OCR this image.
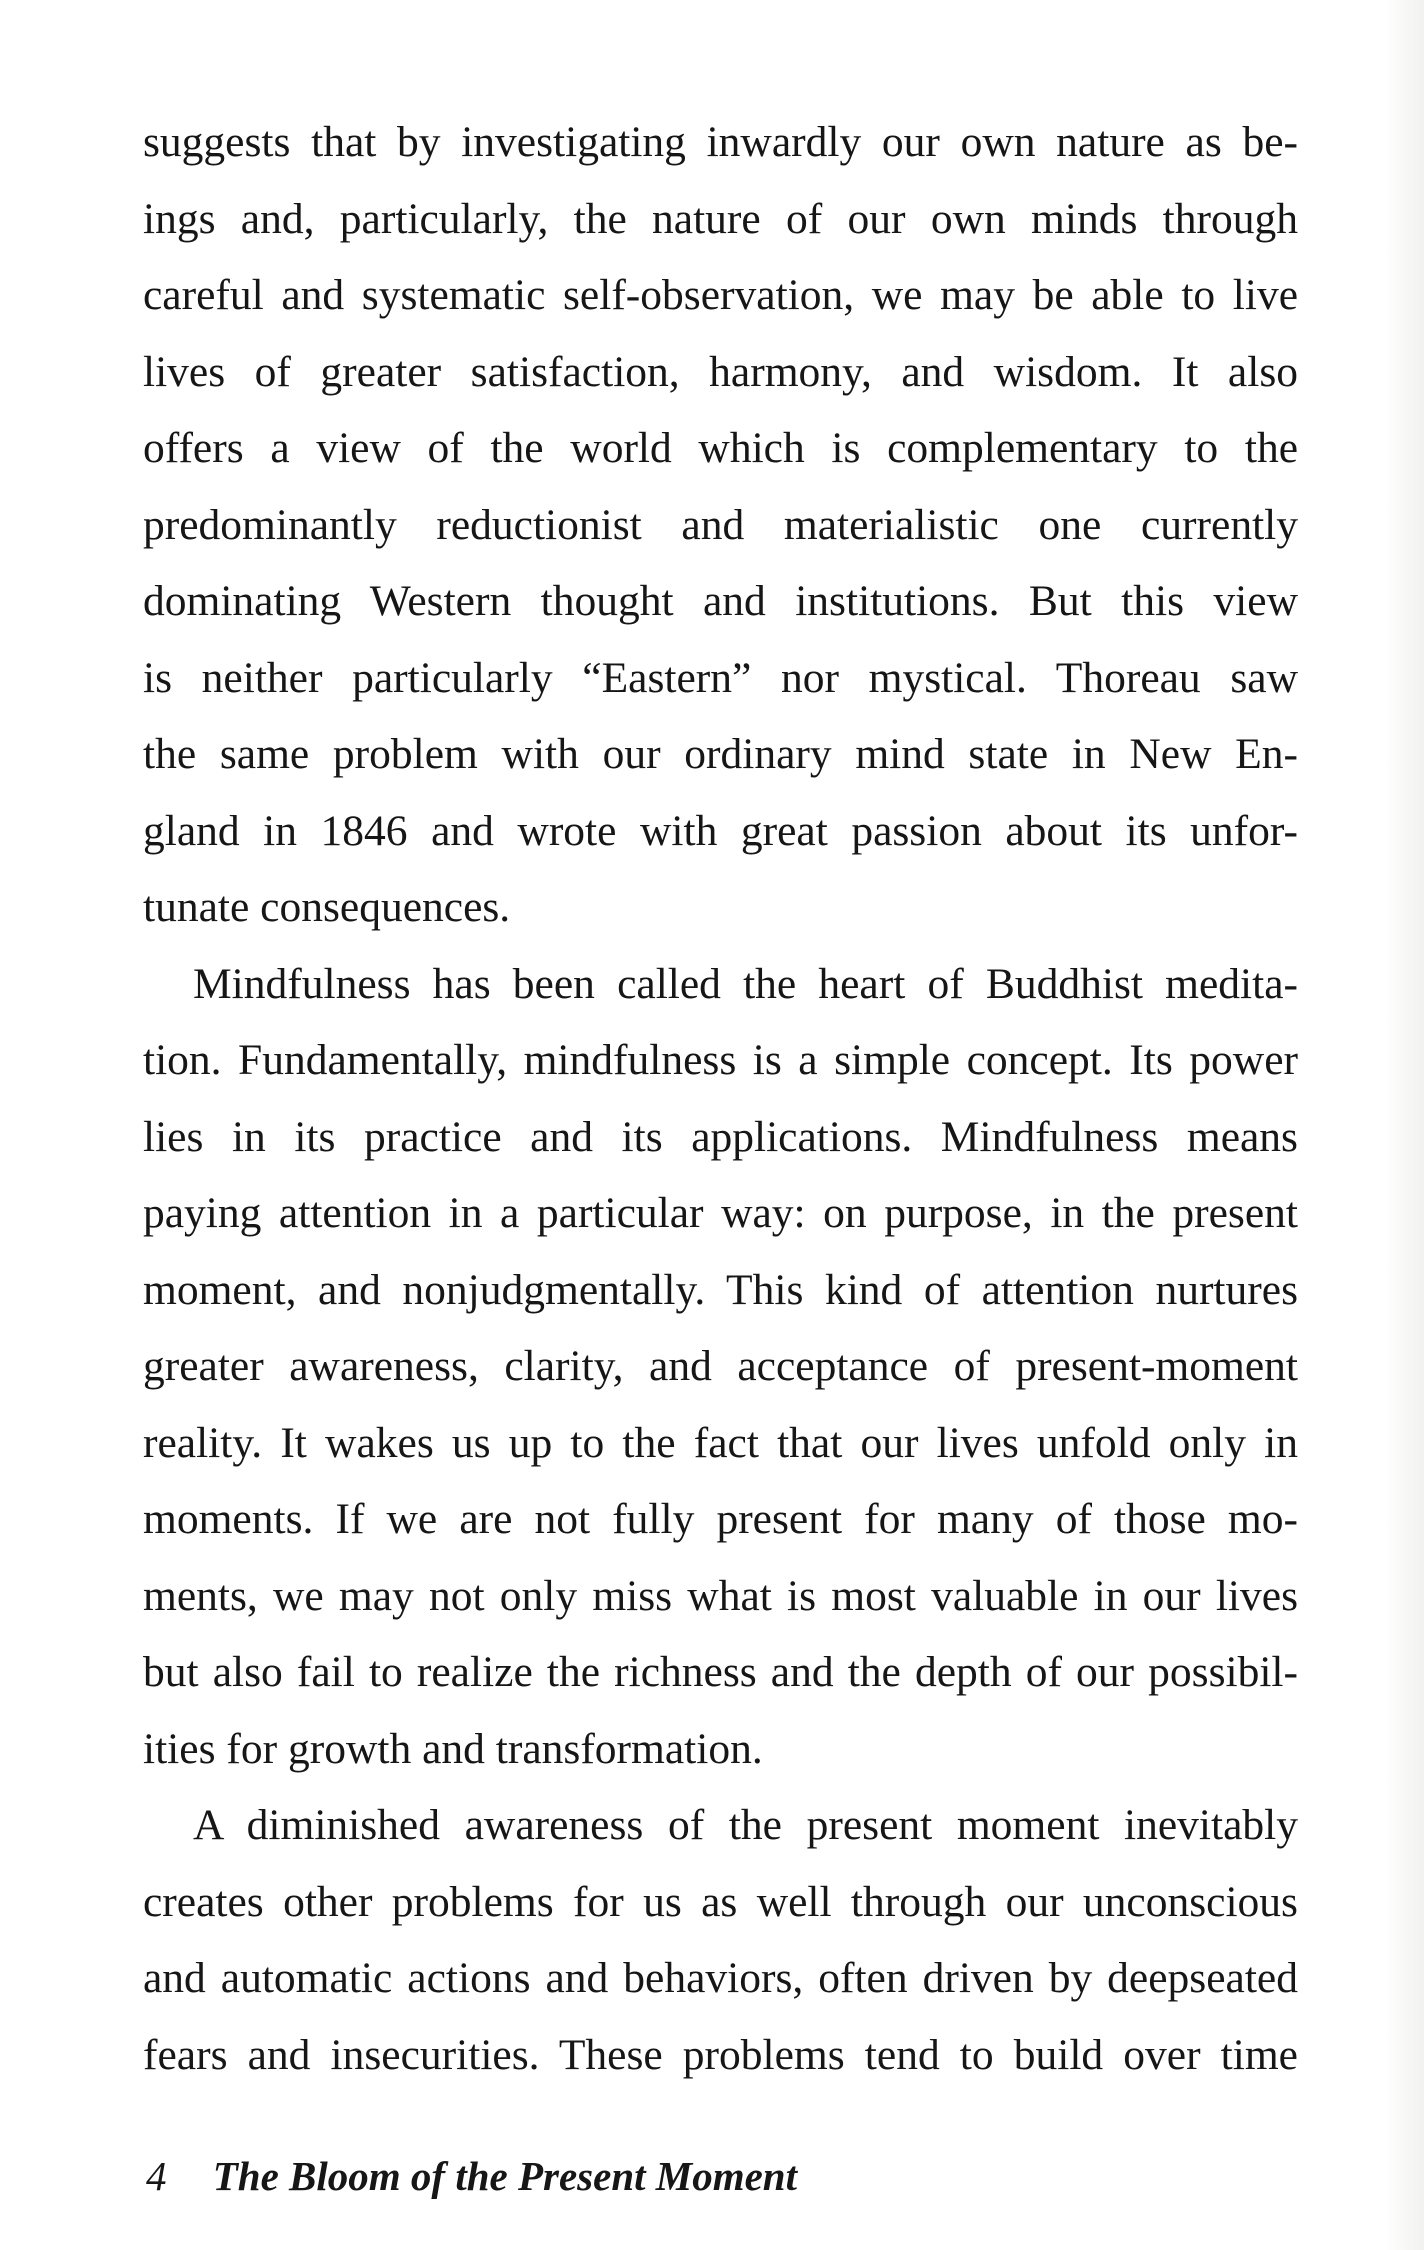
suggests that by investigating inwardly our own nature as be-
ings and, particularly, the nature of our own minds through
careful and systematic self-observation, we may be able to live
lives of greater satisfaction, harmony, and wisdom. It also
offers a view of the world which is complementary to the
predominantly reductionist and materialistic one currently
dominating Western thought and institutions. But this view
is neither particularly “Eastern” nor mystical. Thoreau saw
the same problem with our ordinary mind state in New En-
gland in 1846 and wrote with great passion about its unfor-
tunate consequences.
Mindfulness has been called the heart of Buddhist medita-
tion. Fundamentally, mindfulness is a simple concept. Its power
lies in its practice and its applications. Mindfulness means
paying attention in a particular way: on purpose, in the present
moment, and nonjudgmentally. This kind of attention nurtures
greater awareness, clarity, and acceptance of present-moment
reality. It wakes us up to the fact that our lives unfold only in
moments. If we are not fully present for many of those mo-
ments, we may not only miss what is most valuable in our lives
but also fail to realize the richness and the depth of our possibil-
ities for growth and transformation.
A diminished awareness of the present moment inevitably
creates other problems for us as well through our unconscious
and automatic actions and behaviors, often driven by deepseated
fears and insecurities. These problems tend to build over time
4 The Bloom of the Present Moment
